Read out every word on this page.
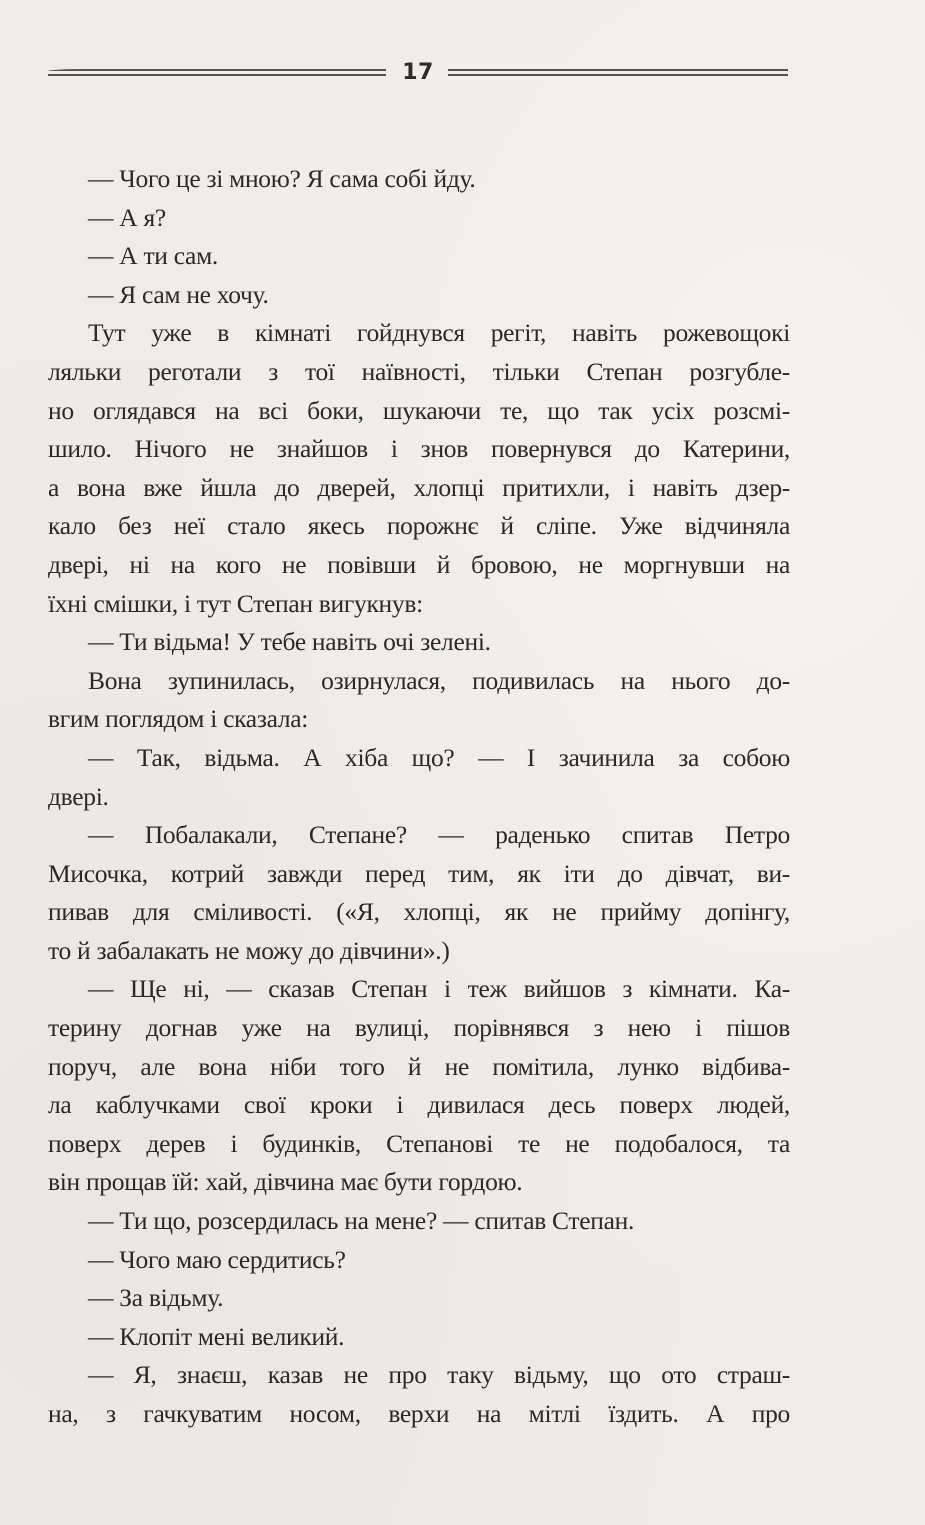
17
— Чого це зі мною? Я сама собі йду.
— А я?
— А ти сам.
— Я сам не хочу.
Тут уже в кімнаті гойднувся регіт, навіть рожевощокі
ляльки реготали з тої наївності, тільки Степан розгубле-
но оглядався на всі боки, шукаючи те, що так усіх розсмі-
шило. Нічого не знайшов і знов повернувся до Катерини,
а вона вже йшла до дверей, хлопці притихли, і навіть дзер-
кало без неї стало якесь порожнє й сліпе. Уже відчиняла
двері, ні на кого не повівши й бровою, не моргнувши на
їхні смішки, і тут Степан вигукнув:
— Ти відьма! У тебе навіть очі зелені.
Вона зупинилась, озирнулася, подивилась на нього до-
вгим поглядом і сказала:
— Так, відьма. А хіба що? — І зачинила за собою
двері.
— Побалакали, Степане? — раденько спитав Петро
Мисочка, котрий завжди перед тим, як іти до дівчат, ви-
пивав для сміливості. («Я, хлопці, як не прийму допінгу,
то й забалакать не можу до дівчини».)
— Ще ні, — сказав Степан і теж вийшов з кімнати. Ка-
терину догнав уже на вулиці, порівнявся з нею і пішов
поруч, але вона ніби того й не помітила, лунко відбива-
ла каблучками свої кроки і дивилася десь поверх людей,
поверх дерев і будинків, Степанові те не подобалося, та
він прощав їй: хай, дівчина має бути гордою.
— Ти що, розсердилась на мене? — спитав Степан.
— Чого маю сердитись?
— За відьму.
— Клопіт мені великий.
— Я, знаєш, казав не про таку відьму, що ото страш-
на, з гачкуватим носом, верхи на мітлі їздить. А про
